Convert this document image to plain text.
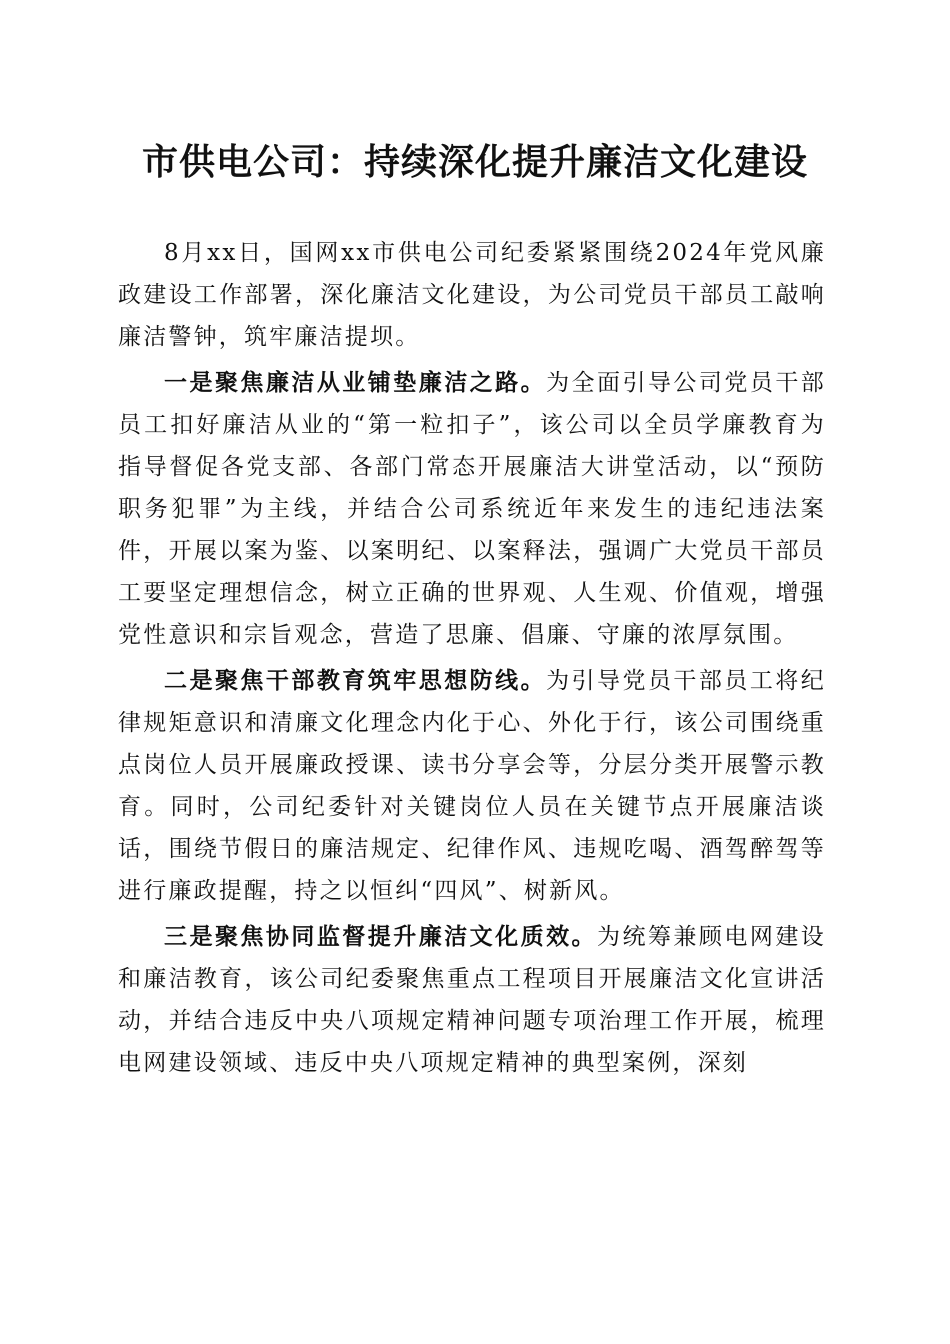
市供电公司：持续深化提升廉洁文化建设

8月xx日，国网xx市供电公司纪委紧紧围绕2024年党风廉政建设工作部署，深化廉洁文化建设，为公司党员干部员工敲响廉洁警钟，筑牢廉洁提坝。

一是聚焦廉洁从业铺垫廉洁之路。为全面引导公司党员干部员工扣好廉洁从业的“第一粒扣子”，该公司以全员学廉教育为指导督促各党支部、各部门常态开展廉洁大讲堂活动，以“预防职务犯罪”为主线，并结合公司系统近年来发生的违纪违法案件，开展以案为鉴、以案明纪、以案释法，强调广大党员干部员工要坚定理想信念，树立正确的世界观、人生观、价值观，增强党性意识和宗旨观念，营造了思廉、倡廉、守廉的浓厚氛围。

二是聚焦干部教育筑牢思想防线。为引导党员干部员工将纪律规矩意识和清廉文化理念内化于心、外化于行，该公司围绕重点岗位人员开展廉政授课、读书分享会等，分层分类开展警示教育。同时，公司纪委针对关键岗位人员在关键节点开展廉洁谈话，围绕节假日的廉洁规定、纪律作风、违规吃喝、酒驾醉驾等进行廉政提醒，持之以恒纠“四风”、树新风。

三是聚焦协同监督提升廉洁文化质效。为统筹兼顾电网建设和廉洁教育，该公司纪委聚焦重点工程项目开展廉洁文化宣讲活动，并结合违反中央八项规定精神问题专项治理工作开展，梳理电网建设领域、违反中央八项规定精神的典型案例，深刻
